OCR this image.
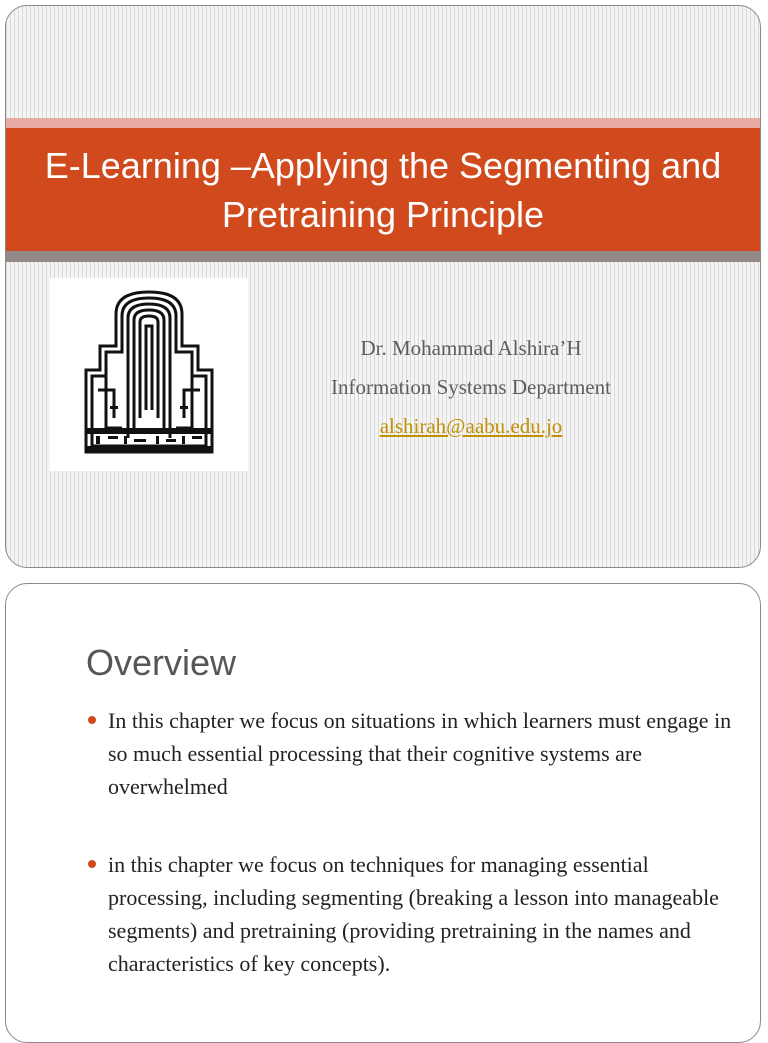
E-Learning –Applying the Segmenting and Pretraining Principle
Dr. Mohammad Alshira’H
Information Systems Department
alshirah@aabu.edu.jo
Overview
In this chapter we focus on situations in which learners must engage in so much essential processing that their cognitive systems are overwhelmed
in this chapter we focus on techniques for managing essential processing, including segmenting (breaking a lesson into manageable segments) and pretraining (providing pretraining in the names and characteristics of key concepts).
